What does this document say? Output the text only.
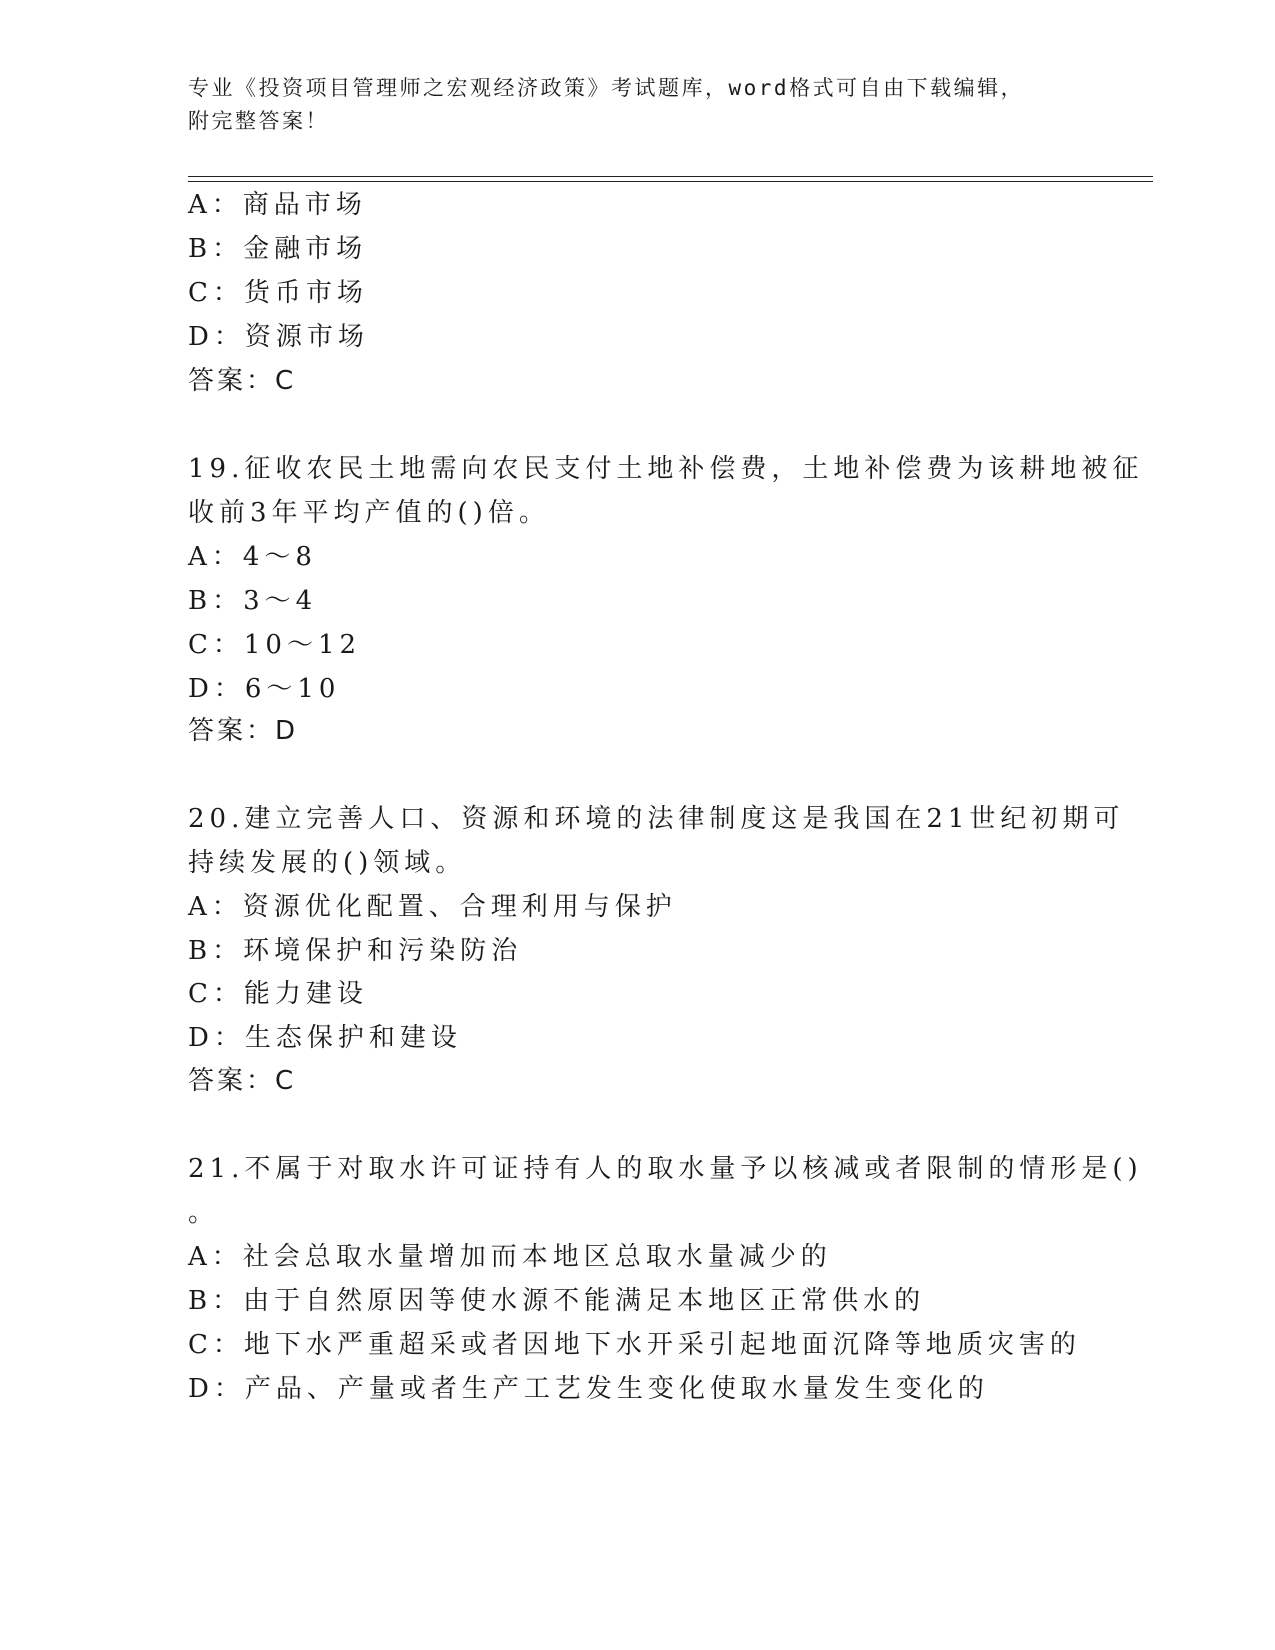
专业《投资项目管理师之宏观经济政策》考试题库，word格式可自由下载编辑，
附完整答案！
A：商品市场
B：金融市场
C：货币市场
D：资源市场
答案：C
19.征收农民土地需向农民支付土地补偿费，土地补偿费为该耕地被征
收前3年平均产值的()倍。
A：4～8
B：3～4
C：10～12
D：6～10
答案：D
20.建立完善人口、资源和环境的法律制度这是我国在21世纪初期可
持续发展的()领域。
A：资源优化配置、合理利用与保护
B：环境保护和污染防治
C：能力建设
D：生态保护和建设
答案：C
21.不属于对取水许可证持有人的取水量予以核减或者限制的情形是()
。
A：社会总取水量增加而本地区总取水量减少的
B：由于自然原因等使水源不能满足本地区正常供水的
C：地下水严重超采或者因地下水开采引起地面沉降等地质灾害的
D：产品、产量或者生产工艺发生变化使取水量发生变化的
